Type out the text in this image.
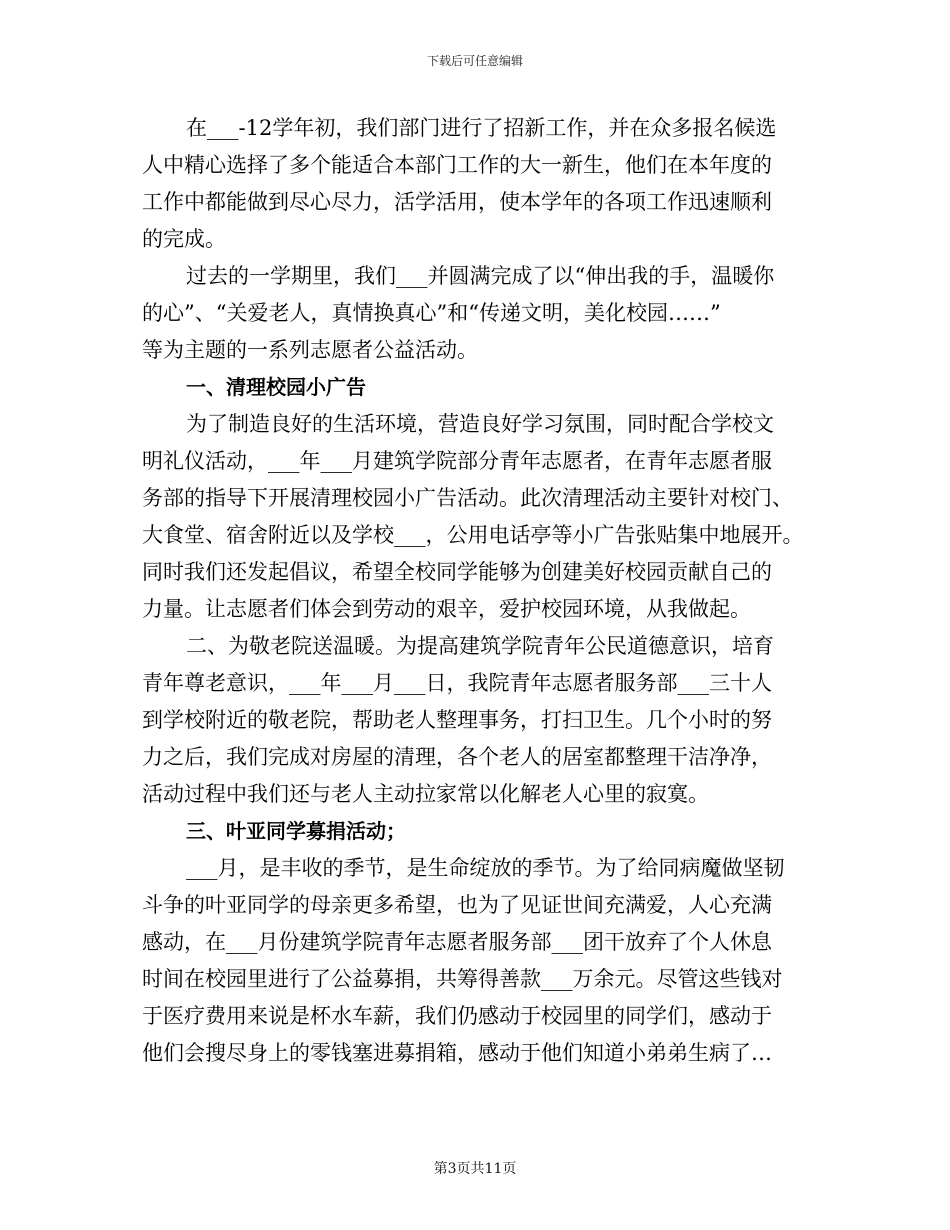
下载后可任意编辑
在___-12学年初，我们部门进行了招新工作，并在众多报名候选
人中精心选择了多个能适合本部门工作的大一新生，他们在本年度的
工作中都能做到尽心尽力，活学活用，使本学年的各项工作迅速顺利
的完成。
过去的一学期里，我们___并圆满完成了以“伸出我的手，温暖你
的心”、“关爱老人，真情换真心”和“传递文明，美化校园……”
等为主题的一系列志愿者公益活动。
一、清理校园小广告
为了制造良好的生活环境，营造良好学习氛围，同时配合学校文
明礼仪活动，___年___月建筑学院部分青年志愿者，在青年志愿者服
务部的指导下开展清理校园小广告活动。此次清理活动主要针对校门、
大食堂、宿舍附近以及学校___，公用电话亭等小广告张贴集中地展开。
同时我们还发起倡议，希望全校同学能够为创建美好校园贡献自己的
力量。让志愿者们体会到劳动的艰辛，爱护校园环境，从我做起。
二、为敬老院送温暖。为提高建筑学院青年公民道德意识，培育
青年尊老意识，___年___月___日，我院青年志愿者服务部___三十人
到学校附近的敬老院，帮助老人整理事务，打扫卫生。几个小时的努
力之后，我们完成对房屋的清理，各个老人的居室都整理干洁净净，
活动过程中我们还与老人主动拉家常以化解老人心里的寂寞。
三、叶亚同学募捐活动；
___月，是丰收的季节，是生命绽放的季节。为了给同病魔做坚韧
斗争的叶亚同学的母亲更多希望，也为了见证世间充满爱，人心充满
感动，在___月份建筑学院青年志愿者服务部___团干放弃了个人休息
时间在校园里进行了公益募捐，共筹得善款___万余元。尽管这些钱对
于医疗费用来说是杯水车薪，我们仍感动于校园里的同学们，感动于
他们会搜尽身上的零钱塞进募捐箱，感动于他们知道小弟弟生病了…
第3页共11页
